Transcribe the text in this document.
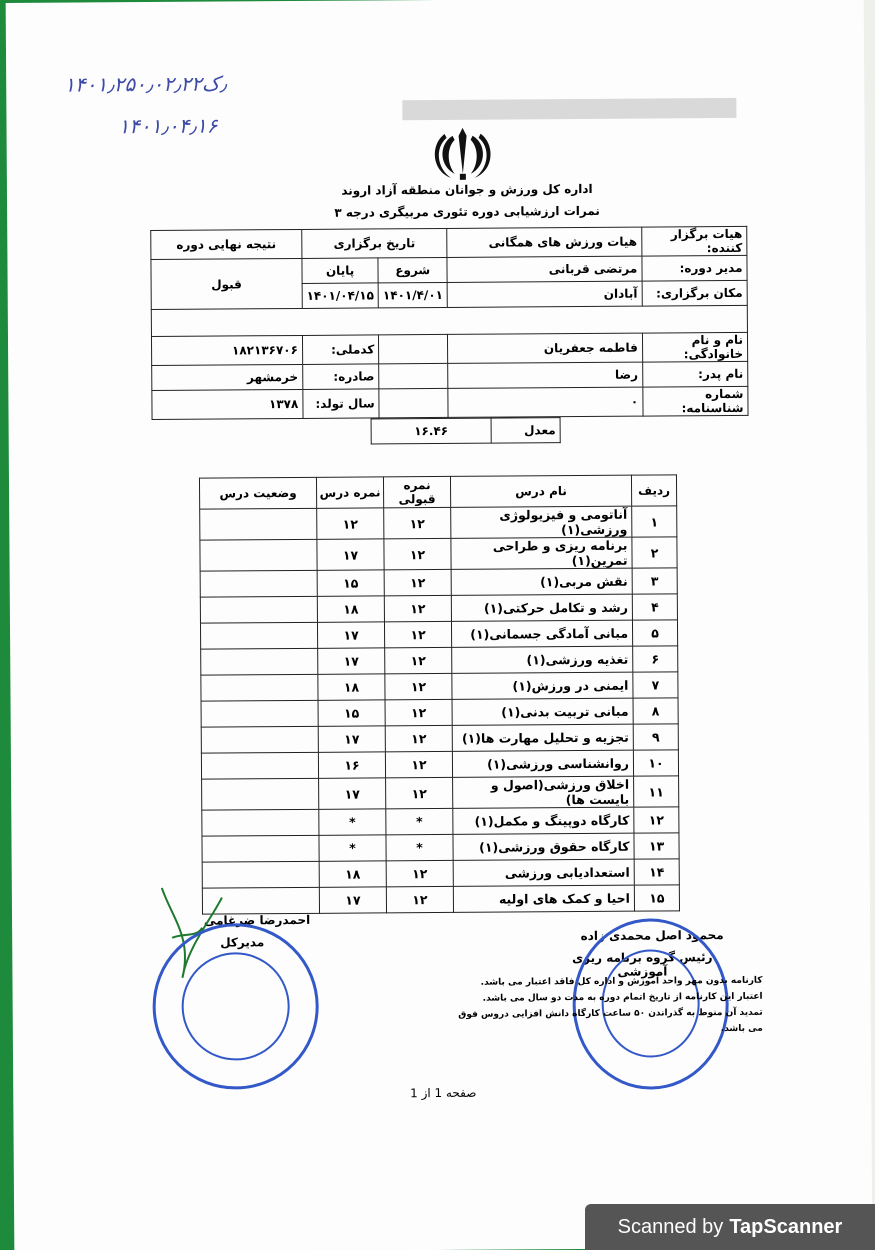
۱۴۰۱٫۲۵۰٫ک٫۰۲٫۲۲
۱۴۰۱٫۰۴٫۱۶
اداره کل ورزش و جوانان منطقه آزاد اروند
نمرات ارزشیابی دوره تئوری مربیگری درجه ۳
هیات برگزار کننده:	هیات ورزش های همگانی	تاریخ برگزاری		نتیجه نهایی دوره
مدیر دوره:	مرتضی قربانی	شروع	پایان	قبول
مکان برگزاری:	آبادان	۱۴۰۱/۴/۰۱	۱۴۰۱/۰۴/۱۵	

نام و نام خانوادگی:	فاطمه جعفریان		کدملی:	۱۸۲۱۳۶۷۰۶
نام پدر:	رضا		صادره:	خرمشهر
شماره شناسنامه:	۰		سال تولد:	۱۳۷۸
معدل	۱۶.۴۶
ردیف	نام درس	نمره قبولی	نمره درس	وضعیت درس
۱	آناتومی و فیزیولوژی ورزشی(۱)	۱۲	۱۲	
۲	برنامه ریزی و طراحی تمرین(۱)	۱۲	۱۷	
۳	نقش مربی(۱)	۱۲	۱۵	
۴	رشد و تکامل حرکتی(۱)	۱۲	۱۸	
۵	مبانی آمادگی جسمانی(۱)	۱۲	۱۷	
۶	تغذیه ورزشی(۱)	۱۲	۱۷	
۷	ایمنی در ورزش(۱)	۱۲	۱۸	
۸	مبانی تربیت بدنی(۱)	۱۲	۱۵	
۹	تجزیه و تحلیل مهارت ها(۱)	۱۲	۱۷	
۱۰	روانشناسی ورزشی(۱)	۱۲	۱۶	
۱۱	اخلاق ورزشی(اصول و بایست ها)	۱۲	۱۷	
۱۲	کارگاه دوپینگ و مکمل(۱)	*	*	
۱۳	کارگاه حقوق ورزشی(۱)	*	*	
۱۴	استعدادیابی ورزشی	۱۲	۱۸	
۱۵	احیا و کمک های اولیه	۱۲	۱۷	
احمدرضا ضرغامی
مدیرکل	محمود اصل محمدی زاده
رئیس گروه برنامه ریزی آموزشی
کارنامه بدون مهر واحد آموزش و اداره کل فاقد اعتبار می باشد.
اعتبار این کارنامه از تاریخ اتمام دوره به مدت دو سال می باشد.
تمدید آن منوط به گذراندن ۵۰ ساعت کارگاه دانش افزایی دروس فوق می باشد.
صفحه 1 از 1
Scanned by TapScanner
